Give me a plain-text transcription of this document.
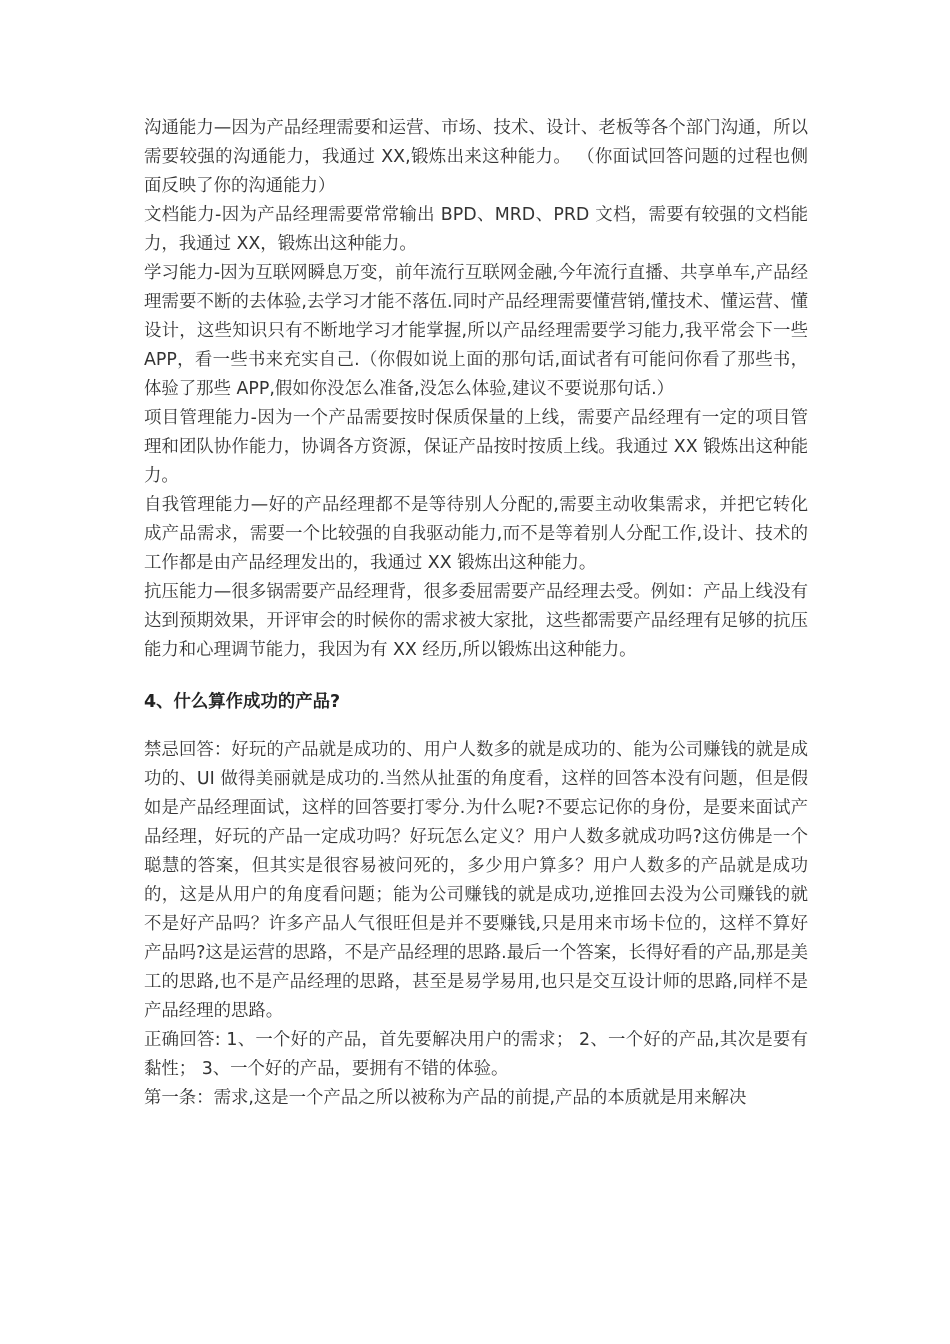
沟通能力—因为产品经理需要和运营、市场、技术、设计、老板等各个部门沟通，所以需要较强的沟通能力，我通过 XX,锻炼出来这种能力。 （你面试回答问题的过程也侧面反映了你的沟通能力）

文档能力-因为产品经理需要常常输出 BPD、MRD、PRD 文档，需要有较强的文档能力，我通过 XX，锻炼出这种能力。

学习能力-因为互联网瞬息万变，前年流行互联网金融,今年流行直播、共享单车,产品经理需要不断的去体验,去学习才能不落伍.同时产品经理需要懂营销,懂技术、懂运营、懂设计，这些知识只有不断地学习才能掌握,所以产品经理需要学习能力,我平常会下一些 APP，看一些书来充实自己.（你假如说上面的那句话,面试者有可能问你看了那些书，体验了那些 APP,假如你没怎么准备,没怎么体验,建议不要说那句话.）

项目管理能力-因为一个产品需要按时保质保量的上线，需要产品经理有一定的项目管理和团队协作能力，协调各方资源，保证产品按时按质上线。我通过 XX 锻炼出这种能力。

自我管理能力—好的产品经理都不是等待别人分配的,需要主动收集需求，并把它转化成产品需求，需要一个比较强的自我驱动能力,而不是等着别人分配工作,设计、技术的工作都是由产品经理发出的，我通过 XX 锻炼出这种能力。

抗压能力—很多锅需要产品经理背，很多委屈需要产品经理去受。例如：产品上线没有达到预期效果，开评审会的时候你的需求被大家批，这些都需要产品经理有足够的抗压能力和心理调节能力，我因为有 XX 经历,所以锻炼出这种能力。

4、什么算作成功的产品?

禁忌回答：好玩的产品就是成功的、用户人数多的就是成功的、能为公司赚钱的就是成功的、UI 做得美丽就是成功的.当然从扯蛋的角度看，这样的回答本没有问题，但是假如是产品经理面试，这样的回答要打零分.为什么呢?不要忘记你的身份，是要来面试产品经理，好玩的产品一定成功吗？好玩怎么定义？用户人数多就成功吗?这仿佛是一个聪慧的答案，但其实是很容易被问死的，多少用户算多？用户人数多的产品就是成功的，这是从用户的角度看问题；能为公司赚钱的就是成功,逆推回去没为公司赚钱的就不是好产品吗？许多产品人气很旺但是并不要赚钱,只是用来市场卡位的，这样不算好产品吗?这是运营的思路，不是产品经理的思路.最后一个答案，长得好看的产品,那是美工的思路,也不是产品经理的思路，甚至是易学易用,也只是交互设计师的思路,同样不是产品经理的思路。

正确回答: 1、一个好的产品，首先要解决用户的需求； 2、一个好的产品,其次是要有黏性； 3、一个好的产品，要拥有不错的体验。

第一条：需求,这是一个产品之所以被称为产品的前提,产品的本质就是用来解决
